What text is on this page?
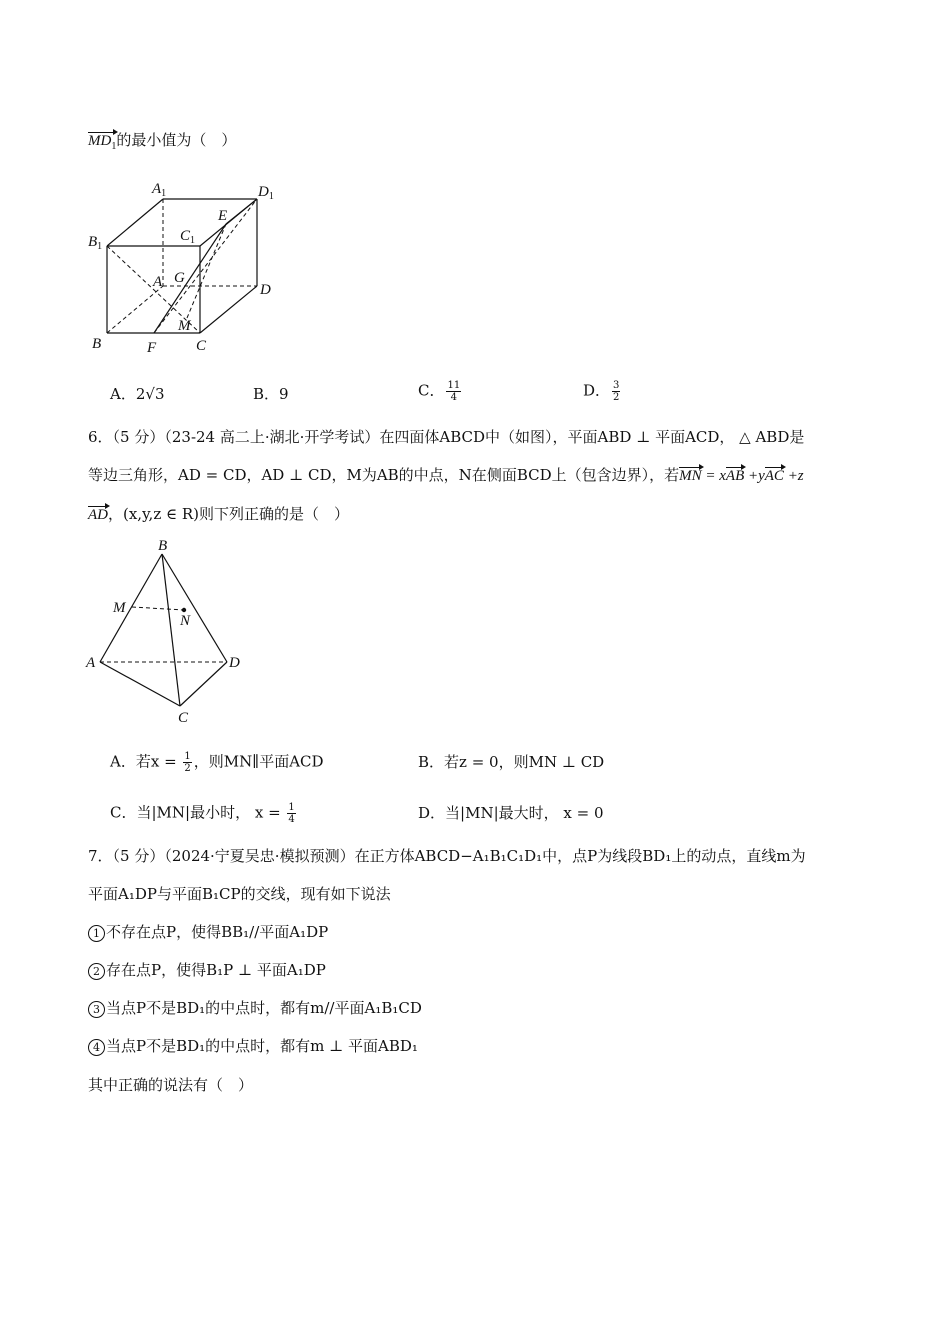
$MD_1$的最小值为（　）
$A_1$	$D_1$
$B_1$
$C_1$
E
A G
D
M
B	F	C
A．2√3	B．9	C． $\frac{11}{4}$	D． $\frac{3}{2}$
6．（5 分）（23-24 高二上·湖北·开学考试）在四面体ABCD中（如图），平面ABD ⊥ 平面ACD， △ ABD是
等边三角形，AD = CD，AD ⊥ CD，M为AB的中点，N在侧面BCD上（包含边界），若MN = xAB +yAC +z
AD，(x,y,z ∈ R)则下列正确的是（　）
B
M
N
A	D
C
A．若$x = \frac{1}{2}$ ，则MN∥平面ACD	B．若z = 0，则MN ⊥ CD
C．当|MN|最小时， $x = \frac{1}{4}$	D．当|MN|最大时， x = 0
7．（5 分）（2024·宁夏吴忠·模拟预测）在正方体ABCD−A₁B₁C₁D₁中，点P为线段BD₁上的动点，直线m为
平面A₁DP与平面B₁CP的交线，现有如下说法
1 不存在点P，使得BB₁//平面A₁DP
2 存在点P，使得B₁P ⊥ 平面A₁DP
3 当点P不是BD₁的中点时，都有m//平面A₁B₁CD
4 当点P不是BD₁的中点时，都有m ⊥ 平面ABD₁
其中正确的说法有（　）
